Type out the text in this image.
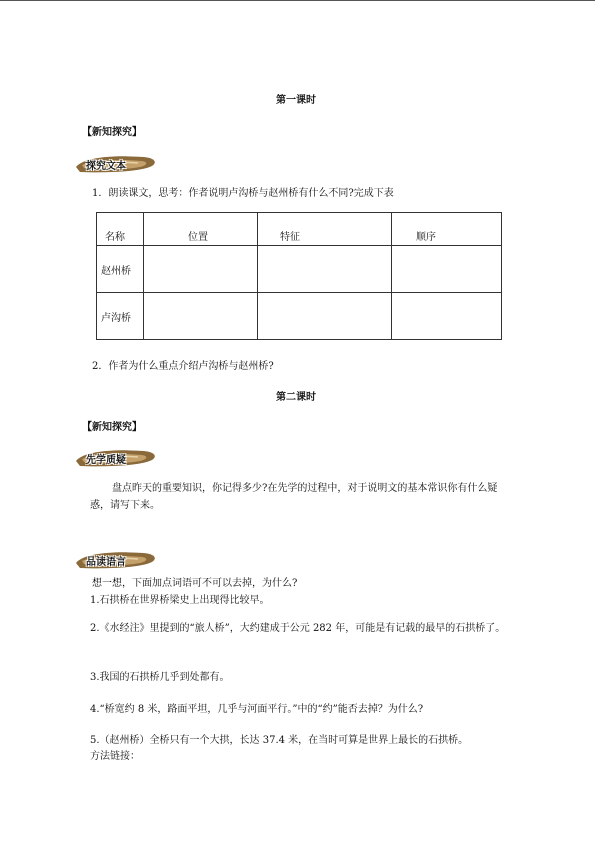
第一课时
【新知探究】
探究文本
1．朗读课文，思考：作者说明卢沟桥与赵州桥有什么不同?完成下表
名称	位置	特征	顺序
赵州桥			
卢沟桥			
2．作者为什么重点介绍卢沟桥与赵州桥?
第二课时
【新知探究】
先学质疑
盘点昨天的重要知识，你记得多少?在先学的过程中，对于说明文的基本常识你有什么疑惑，请写下来。
品读语言
想一想，下面加点词语可不可以去掉，为什么?
1.石拱桥在世界桥梁史上出现得比较早。
2.《水经注》里提到的“旅人桥”，大约建成于公元 282 年，可能是有记载的最早的石拱桥了。
3.我国的石拱桥几乎到处都有。
4.“桥宽约 8 米，路面平坦，几乎与河面平行。”中的“约”能否去掉？为什么?
5.（赵州桥）全桥只有一个大拱，长达 37.4 米，在当时可算是世界上最长的石拱桥。
方法链接：
